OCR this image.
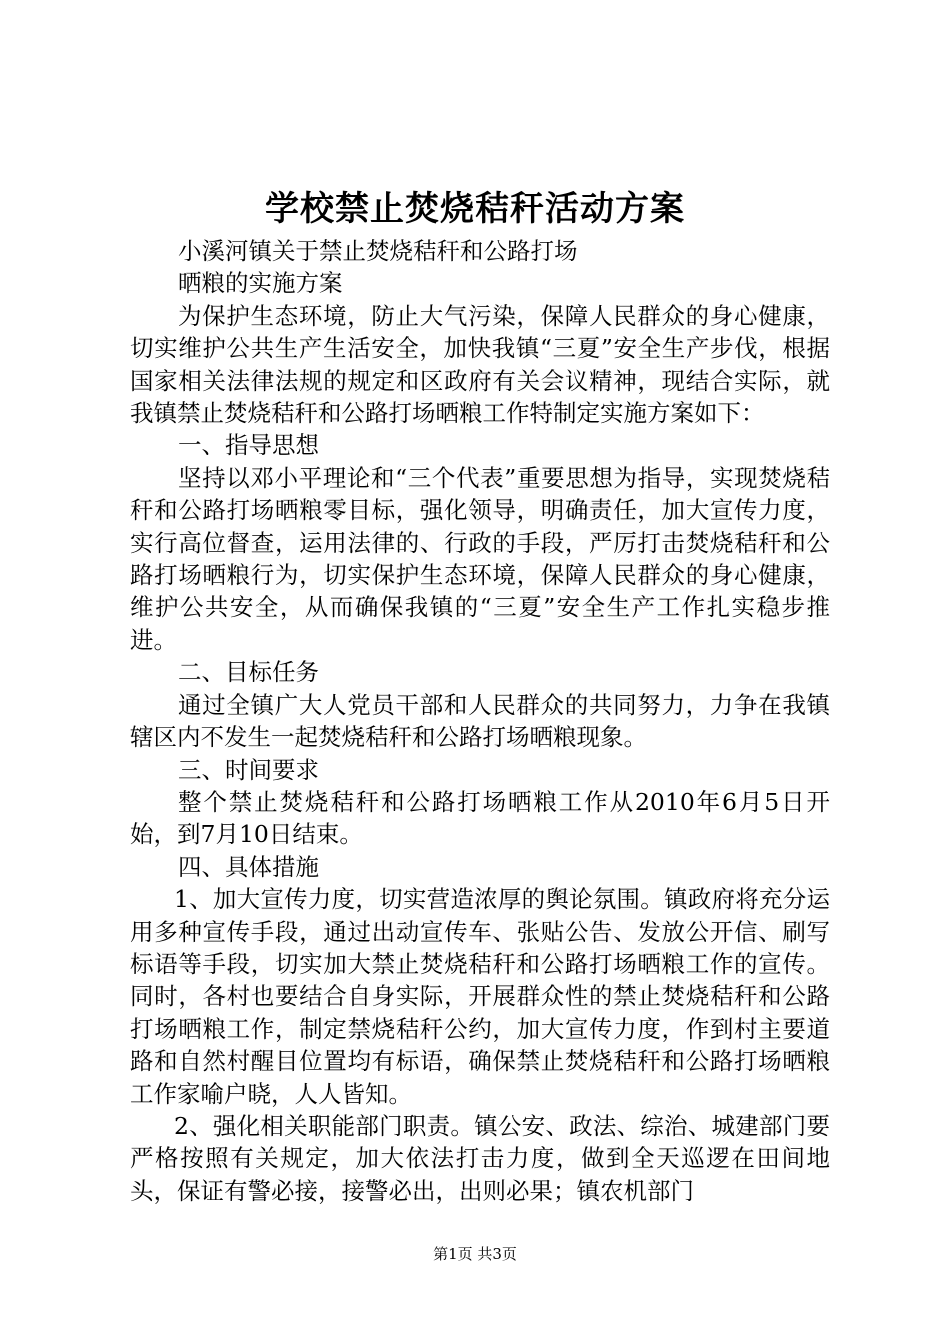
学校禁止焚烧秸秆活动方案

小溪河镇关于禁止焚烧秸秆和公路打场

晒粮的实施方案

为保护生态环境，防止大气污染，保障人民群众的身心健康，切实维护公共生产生活安全，加快我镇“三夏”安全生产步伐，根据国家相关法律法规的规定和区政府有关会议精神，现结合实际，就我镇禁止焚烧秸秆和公路打场晒粮工作特制定实施方案如下：

一、指导思想

坚持以邓小平理论和“三个代表”重要思想为指导，实现焚烧秸秆和公路打场晒粮零目标，强化领导，明确责任，加大宣传力度，实行高位督查，运用法律的、行政的手段，严厉打击焚烧秸秆和公路打场晒粮行为，切实保护生态环境，保障人民群众的身心健康，维护公共安全，从而确保我镇的“三夏”安全生产工作扎实稳步推进。

二、目标任务

通过全镇广大人党员干部和人民群众的共同努力，力争在我镇辖区内不发生一起焚烧秸秆和公路打场晒粮现象。

三、时间要求

整个禁止焚烧秸秆和公路打场晒粮工作从2010年6月5日开始，到7月10日结束。

四、具体措施

1、加大宣传力度，切实营造浓厚的舆论氛围。镇政府将充分运用多种宣传手段，通过出动宣传车、张贴公告、发放公开信、刷写标语等手段，切实加大禁止焚烧秸秆和公路打场晒粮工作的宣传。同时，各村也要结合自身实际，开展群众性的禁止焚烧秸秆和公路打场晒粮工作，制定禁烧秸秆公约，加大宣传力度，作到村主要道路和自然村醒目位置均有标语，确保禁止焚烧秸秆和公路打场晒粮工作家喻户晓，人人皆知。

2、强化相关职能部门职责。镇公安、政法、综治、城建部门要严格按照有关规定，加大依法打击力度，做到全天巡逻在田间地头，保证有警必接，接警必出，出则必果；镇农机部门

第1页 共3页
